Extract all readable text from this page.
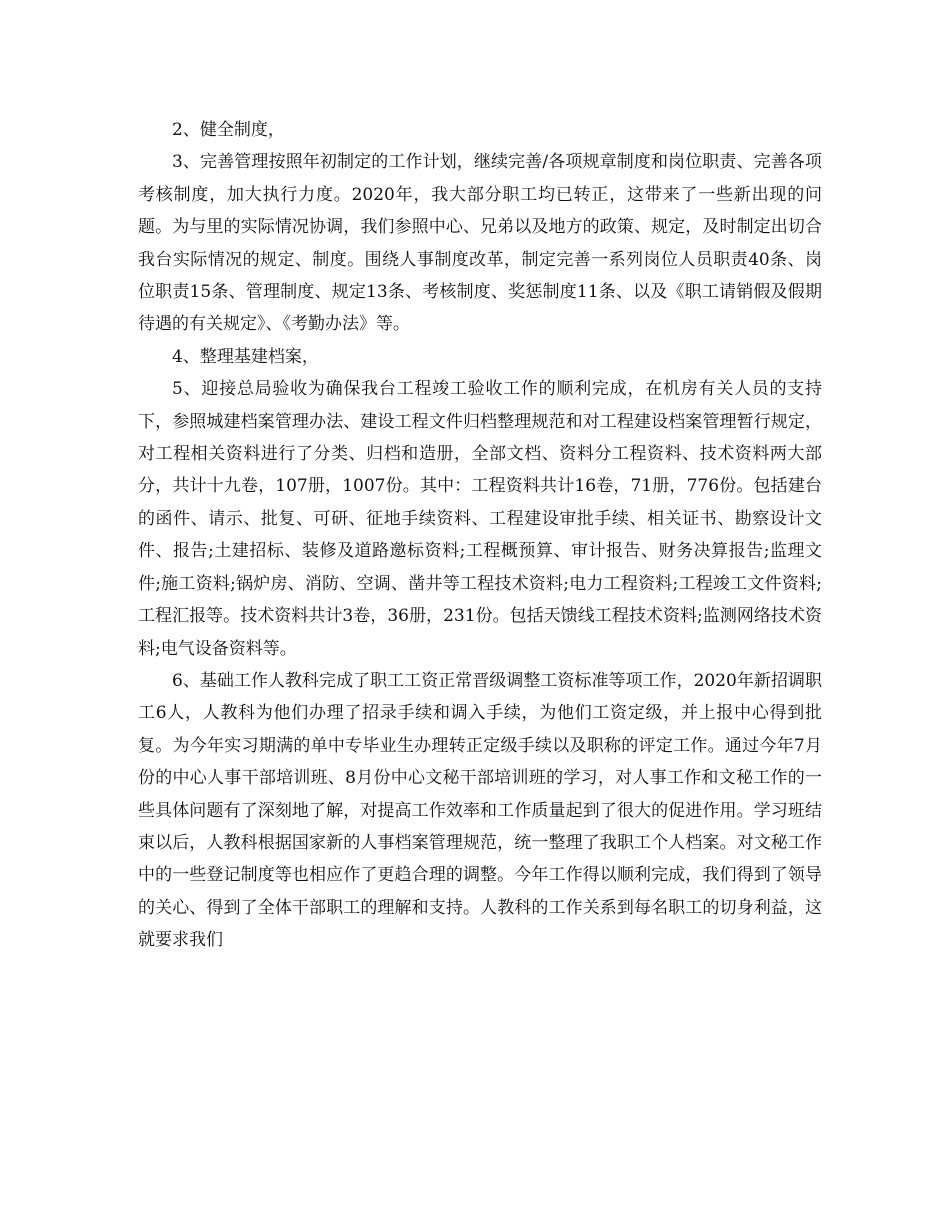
2、健全制度，

3、完善管理按照年初制定的工作计划，继续完善/各项规章制度和岗位职责、完善各项考核制度，加大执行力度。2020年，我大部分职工均已转正，这带来了一些新出现的问题。为与里的实际情况协调，我们参照中心、兄弟以及地方的政策、规定，及时制定出切合我台实际情况的规定、制度。围绕人事制度改革，制定完善一系列岗位人员职责40条、岗位职责15条、管理制度、规定13条、考核制度、奖惩制度11条、以及《职工请销假及假期待遇的有关规定》、《考勤办法》等。

4、整理基建档案，

5、迎接总局验收为确保我台工程竣工验收工作的顺利完成，在机房有关人员的支持下，参照城建档案管理办法、建设工程文件归档整理规范和对工程建设档案管理暂行规定，对工程相关资料进行了分类、归档和造册，全部文档、资料分工程资料、技术资料两大部分，共计十九卷，107册，1007份。其中：工程资料共计16卷，71册，776份。包括建台的函件、请示、批复、可研、征地手续资料、工程建设审批手续、相关证书、勘察设计文件、报告;土建招标、装修及道路邀标资料;工程概预算、审计报告、财务决算报告;监理文件;施工资料;锅炉房、消防、空调、凿井等工程技术资料;电力工程资料;工程竣工文件资料;工程汇报等。技术资料共计3卷，36册，231份。包括天馈线工程技术资料;监测网络技术资料;电气设备资料等。

6、基础工作人教科完成了职工工资正常晋级调整工资标准等项工作，2020年新招调职工6人，人教科为他们办理了招录手续和调入手续，为他们工资定级，并上报中心得到批复。为今年实习期满的单中专毕业生办理转正定级手续以及职称的评定工作。通过今年7月份的中心人事干部培训班、8月份中心文秘干部培训班的学习，对人事工作和文秘工作的一些具体问题有了深刻地了解，对提高工作效率和工作质量起到了很大的促进作用。学习班结束以后，人教科根据国家新的人事档案管理规范，统一整理了我职工个人档案。对文秘工作中的一些登记制度等也相应作了更趋合理的调整。今年工作得以顺利完成，我们得到了领导的关心、得到了全体干部职工的理解和支持。人教科的工作关系到每名职工的切身利益，这就要求我们
